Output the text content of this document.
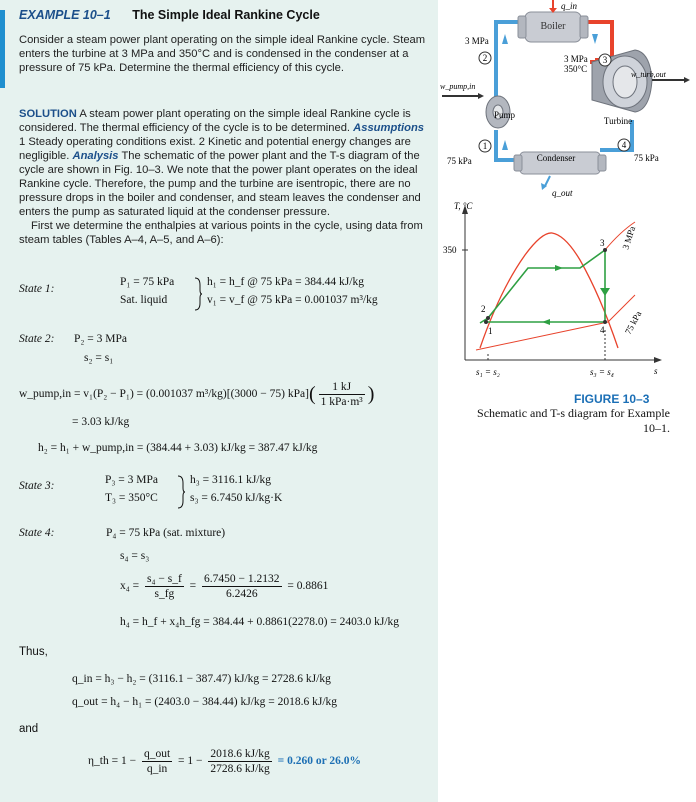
EXAMPLE 10–1 The Simple Ideal Rankine Cycle
Consider a steam power plant operating on the simple ideal Rankine cycle. Steam enters the turbine at 3 MPa and 350°C and is condensed in the condenser at a pressure of 75 kPa. Determine the thermal efficiency of this cycle.
SOLUTION A steam power plant operating on the simple ideal Rankine cycle is considered. The thermal efficiency of the cycle is to be determined. Assumptions 1 Steady operating conditions exist. 2 Kinetic and potential energy changes are negligible. Analysis The schematic of the power plant and the T-s diagram of the cycle are shown in Fig. 10–3. We note that the power plant operates on the ideal Rankine cycle. Therefore, the pump and the turbine are isentropic, there are no pressure drops in the boiler and condenser, and steam leaves the condenser and enters the pump as saturated liquid at the condenser pressure.
First we determine the enthalpies at various points in the cycle, using data from steam tables (Tables A–4, A–5, and A–6):
State 1:
P₁ = 75 kPa
Sat. liquid
h₁ = h_f @ 75 kPa = 384.44 kJ/kg
v₁ = v_f @ 75 kPa = 0.001037 m³/kg
State 2: P₂ = 3 MPa
s₂ = s₁
w_pump,in = v₁(P₂ − P₁) = (0.001037 m³/kg)[(3000 − 75) $kPa]( \frac{1 kJ}{\text{1 kPa·m³}}$ )
= 3.03 kJ/kg
h₂ = h₁ + w_pump,in = (384.44 + 3.03) kJ/kg = 387.47 kJ/kg
State 3:	P₃ = 3 MPa
T₃ = 350°C
h₃ = 3116.1 kJ/kg
s₃ = 6.7450 kJ/kg·K
State 4:	P₄ = 75 kPa (sat. mixture)
s₄ = s₃
$x_4 = \frac{\text{s₄ − s\_f}}{s\_fg} = \frac{6.7450 - 1.2132}{6.2426} = 0.8861$
h₄ = h_f + x₄h_fg = 384.44 + 0.8861(2278.0) = 2403.0 kJ/kg
Thus,
q_in = h₃ − h₂ = (3116.1 − 387.47) kJ/kg = 2728.6 kJ/kg
q_out = h₄ − h₁ = (2403.0 − 384.44) kJ/kg = 2018.6 kJ/kg
and
η_th = $1 - \frac{\text{q\_out}}{q\_in} = 1 - \frac{2018.6 kJ/kg}{2728.6 kJ/kg} = 0.260$ or 26.0%
Boiler
q_in
Turbine
w_turb,out
Pump
w_pump,in
Condenser
q_out
3 MPa
2	3 MPa
350°C
3
1
75 kPa
4
75 kPa
T, °C
s
350
3
4
1
2
3 MPa
75 kPa
s₁ = s₂	s₃ = s₄
FIGURE 10–3
Schematic and T-s diagram for Example 10–1.
